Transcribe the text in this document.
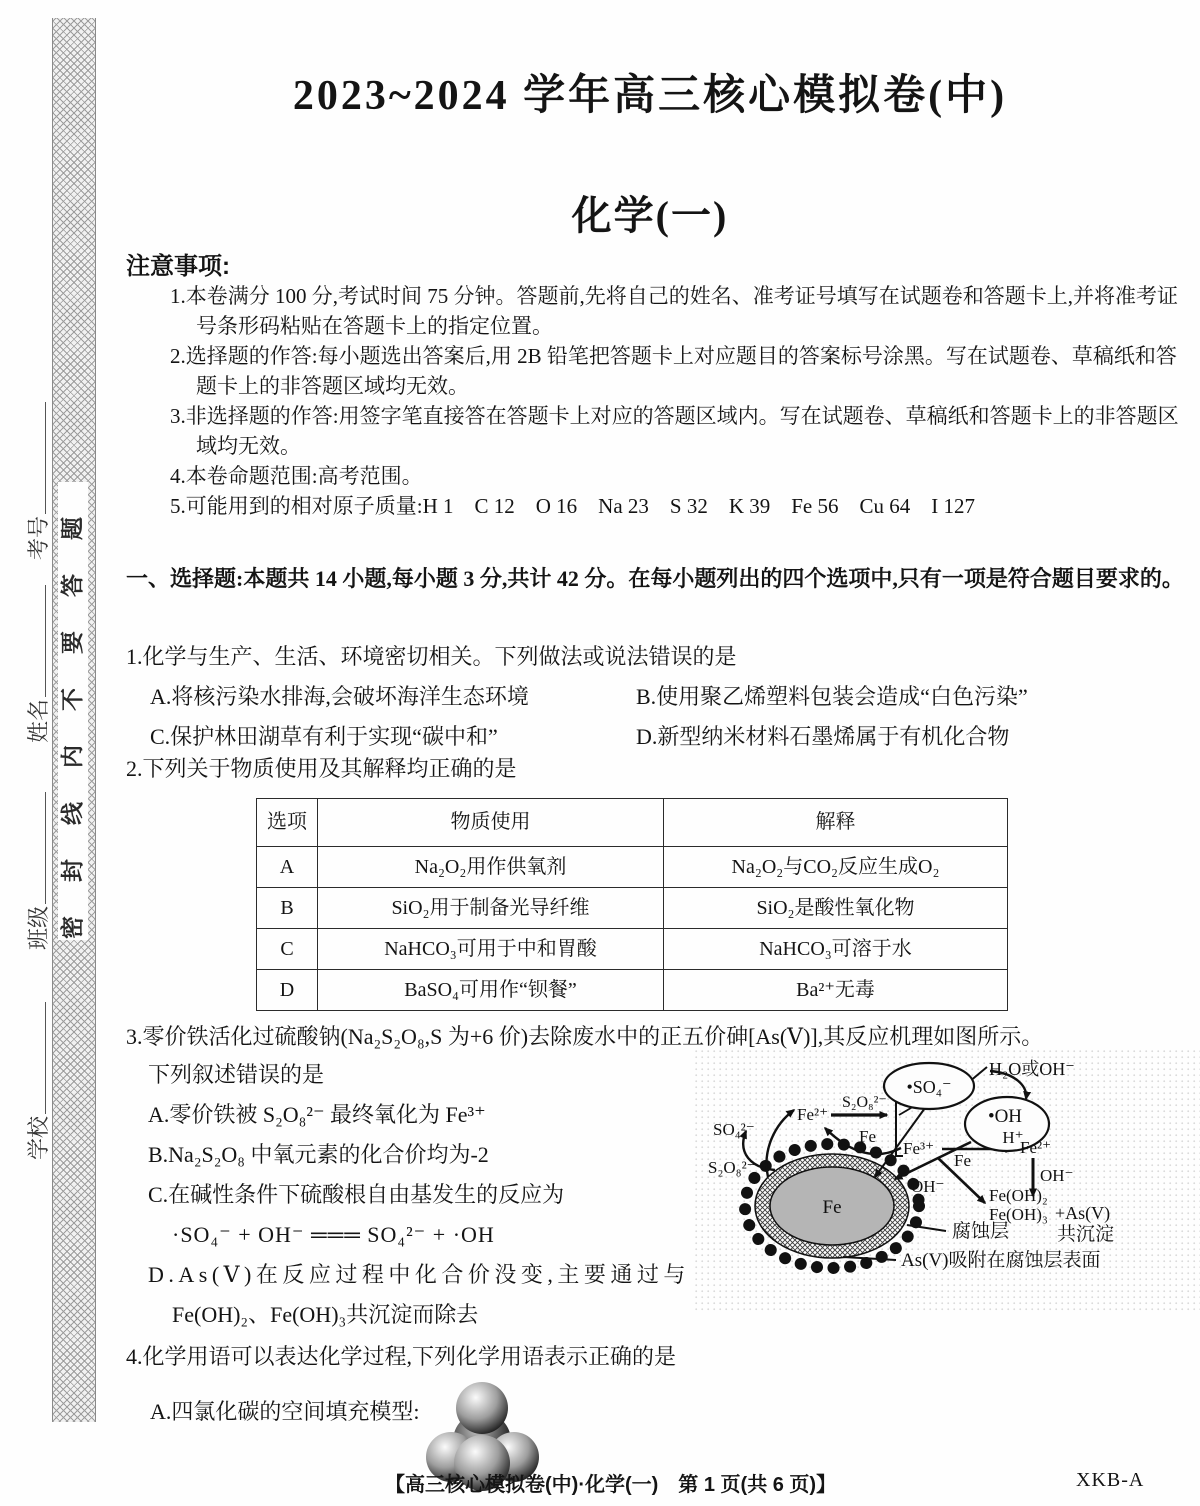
密封线内不要答题
考号
姓名
班级
学校
2023~2024 学年高三核心模拟卷(中)
化学(一)
注意事项:
1.本卷满分 100 分,考试时间 75 分钟。答题前,先将自己的姓名、准考证号填写在试题卷和答题卡上,并将准考证号条形码粘贴在答题卡上的指定位置。
2.选择题的作答:每小题选出答案后,用 2B 铅笔把答题卡上对应题目的答案标号涂黑。写在试题卷、草稿纸和答题卡上的非答题区域均无效。
3.非选择题的作答:用签字笔直接答在答题卡上对应的答题区域内。写在试题卷、草稿纸和答题卡上的非答题区域均无效。
4.本卷命题范围:高考范围。
5.可能用到的相对原子质量:H 1　C 12　O 16　Na 23　S 32　K 39　Fe 56　Cu 64　I 127
一、选择题:本题共 14 小题,每小题 3 分,共计 42 分。在每小题列出的四个选项中,只有一项是符合题目要求的。
1.化学与生产、生活、环境密切相关。下列做法或说法错误的是
A.将核污染水排海,会破坏海洋生态环境	B.使用聚乙烯塑料包装会造成“白色污染”
C.保护林田湖草有利于实现“碳中和”	D.新型纳米材料石墨烯属于有机化合物
2.下列关于物质使用及其解释均正确的是
选项	物质使用	解释
A	Na₂O₂用作供氧剂	Na₂O₂与CO₂反应生成O₂
B	SiO₂用于制备光导纤维	SiO₂是酸性氧化物
C	NaHCO₃可用于中和胃酸	NaHCO₃可溶于水
D	BaSO₄可用作“钡餐”	Ba²⁺无毒
3.零价铁活化过硫酸钠(Na₂S₂O₈,S 为+6 价)去除废水中的正五价砷[As(Ⅴ)],其反应机理如图所示。
下列叙述错误的是
A.零价铁被 S₂O₈²⁻ 最终氧化为 Fe³⁺
B.Na₂S₂O₈ 中氧元素的化合价均为-2
C.在碱性条件下硫酸根自由基发生的反应为
·SO₄⁻ + OH⁻ ═══ SO₄²⁻ + ·OH
D.As(Ⅴ)在反应过程中化合价没变,主要通过与
Fe(OH)₂、Fe(OH)₃共沉淀而除去
Fe
•SO₄⁻
•OH
H⁺
SO₄²⁻
S₂O₈²⁻
Fe²⁺
S₂O₈²⁻
Fe
Fe³⁺
Fe
Fe²⁺
OH⁻
OH⁻
H₂O或OH⁻
Fe(OH)₂
Fe(OH)₃ +As(V)
腐蚀层	共沉淀
As(V)吸附在腐蚀层表面
4.化学用语可以表达化学过程,下列化学用语表示正确的是
A.四氯化碳的空间填充模型:
【高三核心模拟卷(中)·化学(一)　第 1 页(共 6 页)】	XKB-A
